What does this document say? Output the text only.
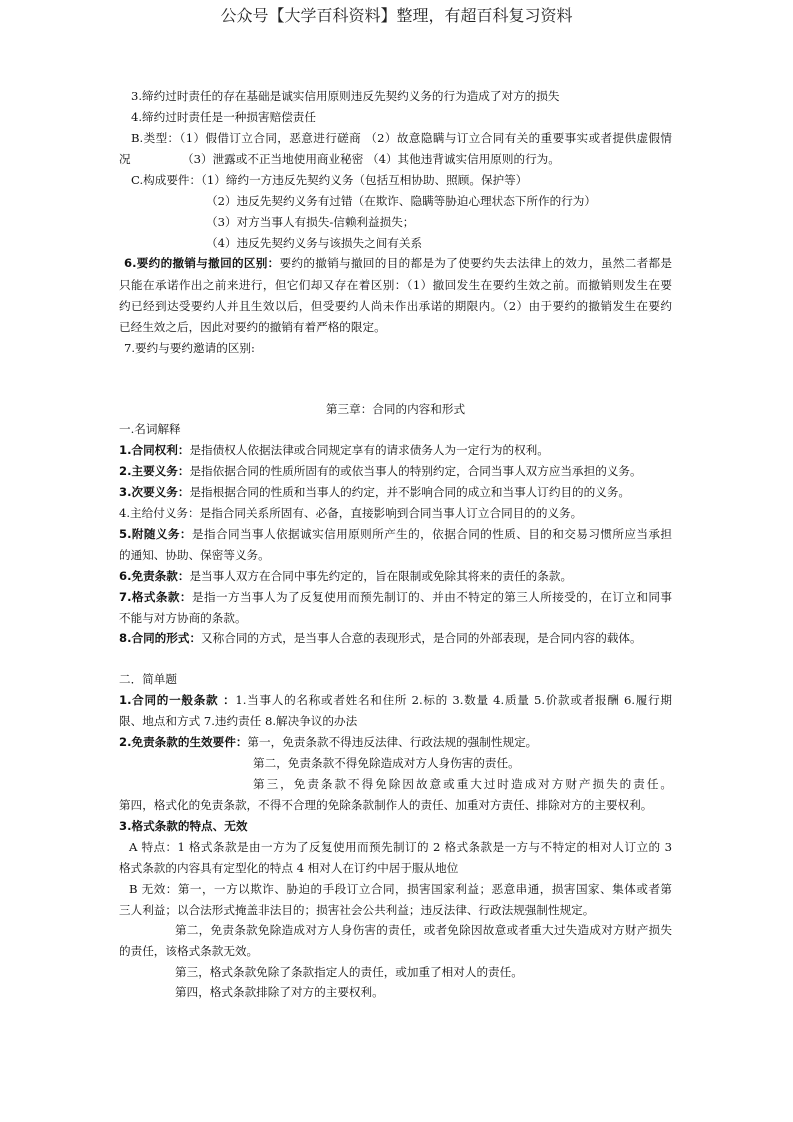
公众号【大学百科资料】整理，有超百科复习资料
3.缔约过时责任的存在基础是诚实信用原则违反先契约义务的行为造成了对方的损失
4.缔约过时责任是一种损害赔偿责任
B.类型：（1）假借订立合同，恶意进行磋商 （2）故意隐瞒与订立合同有关的重要事实或者提供虚假情
况	（3）泄露或不正当地使用商业秘密 （4）其他违背诚实信用原则的行为。
C.构成要件：（1）缔约一方违反先契约义务（包括互相协助、照顾。保护等）
（2）违反先契约义务有过错（在欺诈、隐瞒等胁迫心理状态下所作的行为）
（3）对方当事人有损失-信赖利益损失；
（4）违反先契约义务与该损失之间有关系
6.要约的撤销与撤回的区别：要约的撤销与撤回的目的都是为了使要约失去法律上的效力，虽然二者都是
只能在承诺作出之前来进行，但它们却又存在着区别：（1）撤回发生在要约生效之前。而撤销则发生在要
约已经到达受要约人并且生效以后，但受要约人尚未作出承诺的期限内。（2）由于要约的撤销发生在要约
已经生效之后，因此对要约的撤销有着严格的限定。
7.要约与要约邀请的区别:
第三章：合同的内容和形式
一.名词解释
1.合同权利：是指债权人依据法律或合同规定享有的请求债务人为一定行为的权利。
2.主要义务：是指依据合同的性质所固有的或依当事人的特别约定，合同当事人双方应当承担的义务。
3.次要义务：是指根据合同的性质和当事人的约定，并不影响合同的成立和当事人订约目的的义务。
4.主给付义务：是指合同关系所固有、必备，直接影响到合同当事人订立合同目的的义务。
5.附随义务：是指合同当事人依据诚实信用原则所产生的，依据合同的性质、目的和交易习惯所应当承担
的通知、协助、保密等义务。
6.免责条款：是当事人双方在合同中事先约定的，旨在限制或免除其将来的责任的条款。
7.格式条款：是指一方当事人为了反复使用而预先制订的、并由不特定的第三人所接受的，在订立和同事
不能与对方协商的条款。
8.合同的形式：又称合同的方式，是当事人合意的表现形式，是合同的外部表现，是合同内容的载体。
二．简单题
1.合同的一般条款 ：1.当事人的名称或者姓名和住所 2.标的 3.数量 4.质量 5.价款或者报酬 6.履行期
限、地点和方式 7.违约责任 8.解决争议的办法
2.免责条款的生效要件：第一，免责条款不得违反法律、行政法规的强制性规定。
第二，免责条款不得免除造成对方人身伤害的责任。
第三，免责条款不得免除因故意或重大过时造成对方财产损失的责任。
第四，格式化的免责条款，不得不合理的免除条款制作人的责任、加重对方责任、排除对方的主要权利。
3.格式条款的特点、无效
A 特点：1 格式条款是由一方为了反复使用而预先制订的 2 格式条款是一方与不特定的相对人订立的 3
格式条款的内容具有定型化的特点 4 相对人在订约中居于服从地位
B 无效：第一，一方以欺诈、胁迫的手段订立合同，损害国家利益；恶意串通，损害国家、集体或者第
三人利益；以合法形式掩盖非法目的；损害社会公共利益；违反法律、行政法规强制性规定。
第二，免责条款免除造成对方人身伤害的责任，或者免除因故意或者重大过失造成对方财产损失
的责任，该格式条款无效。
第三，格式条款免除了条款指定人的责任，或加重了相对人的责任。
第四，格式条款排除了对方的主要权利。
